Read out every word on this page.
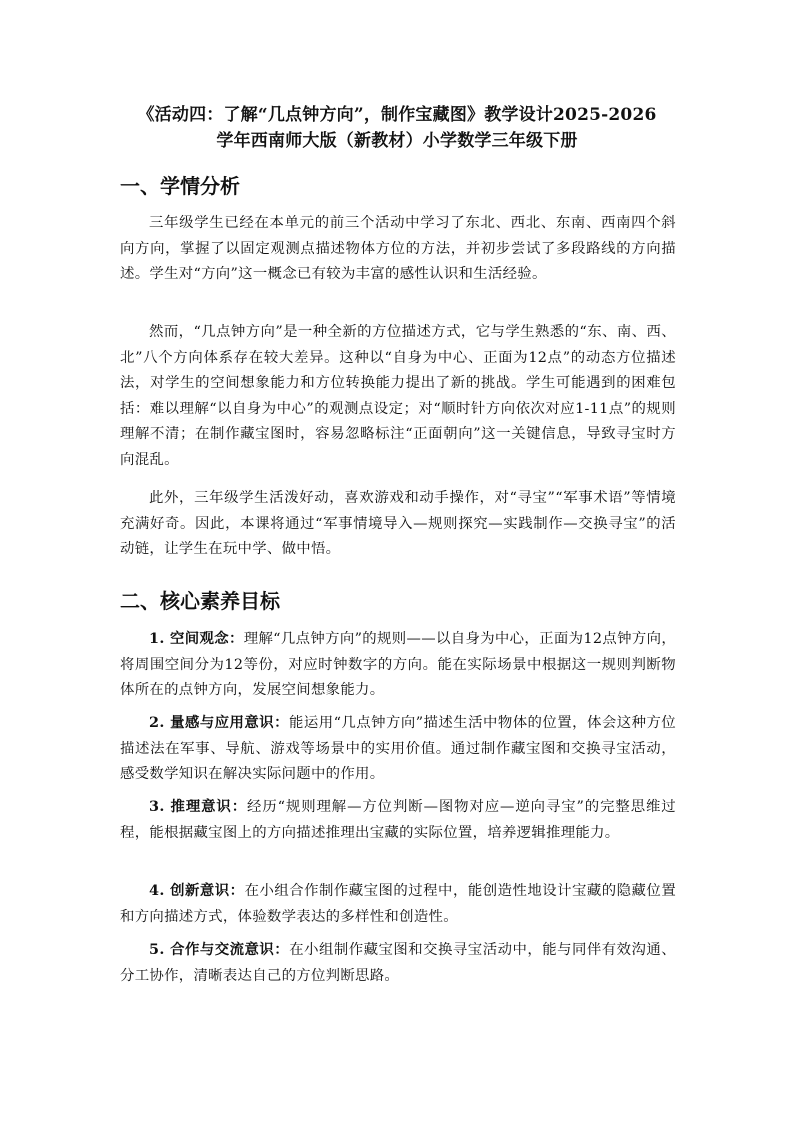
《活动四：了解“几点钟方向”，制作宝藏图》教学设计2025-2026
学年西南师大版（新教材）小学数学三年级下册
一、学情分析
三年级学生已经在本单元的前三个活动中学习了东北、西北、东南、西南四个斜向方向，掌握了以固定观测点描述物体方位的方法，并初步尝试了多段路线的方向描述。学生对“方向”这一概念已有较为丰富的感性认识和生活经验。
然而，“几点钟方向”是一种全新的方位描述方式，它与学生熟悉的“东、南、西、北”八个方向体系存在较大差异。这种以“自身为中心、正面为12点”的动态方位描述法，对学生的空间想象能力和方位转换能力提出了新的挑战。学生可能遇到的困难包括：难以理解“以自身为中心”的观测点设定；对“顺时针方向依次对应1-11点”的规则理解不清；在制作藏宝图时，容易忽略标注“正面朝向”这一关键信息，导致寻宝时方向混乱。
此外，三年级学生活泼好动，喜欢游戏和动手操作，对“寻宝”“军事术语”等情境充满好奇。因此，本课将通过“军事情境导入—规则探究—实践制作—交换寻宝”的活动链，让学生在玩中学、做中悟。
二、核心素养目标
1. 空间观念：理解“几点钟方向”的规则——以自身为中心，正面为12点钟方向，将周围空间分为12等份，对应时钟数字的方向。能在实际场景中根据这一规则判断物体所在的点钟方向，发展空间想象能力。
2. 量感与应用意识：能运用“几点钟方向”描述生活中物体的位置，体会这种方位描述法在军事、导航、游戏等场景中的实用价值。通过制作藏宝图和交换寻宝活动，感受数学知识在解决实际问题中的作用。
3. 推理意识：经历“规则理解—方位判断—图物对应—逆向寻宝”的完整思维过程，能根据藏宝图上的方向描述推理出宝藏的实际位置，培养逻辑推理能力。
4. 创新意识：在小组合作制作藏宝图的过程中，能创造性地设计宝藏的隐藏位置和方向描述方式，体验数学表达的多样性和创造性。
5. 合作与交流意识：在小组制作藏宝图和交换寻宝活动中，能与同伴有效沟通、分工协作，清晰表达自己的方位判断思路。
